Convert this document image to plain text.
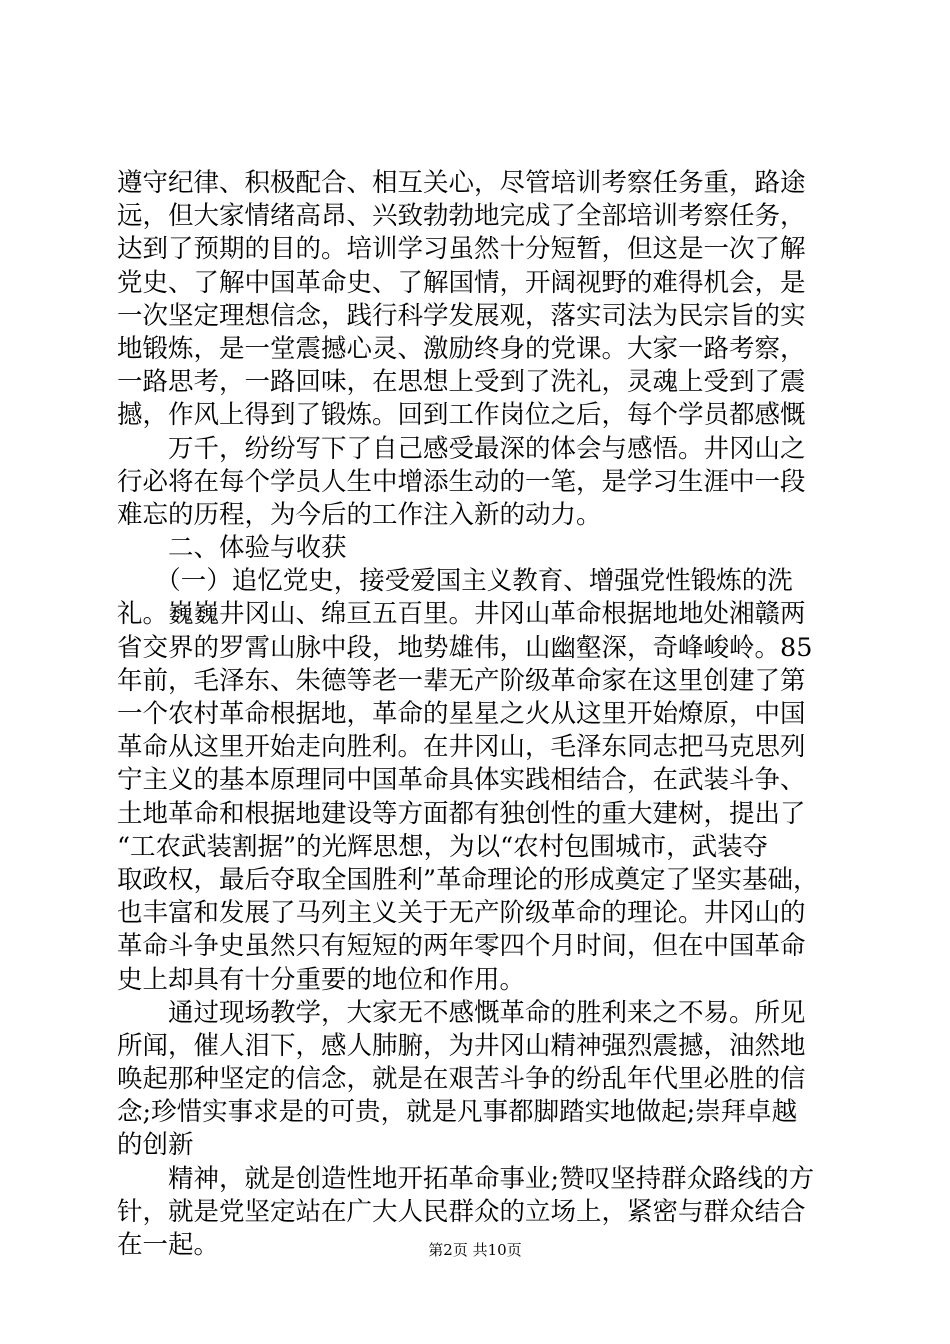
遵守纪律、积极配合、相互关心，尽管培训考察任务重，路途
远，但大家情绪高昂、兴致勃勃地完成了全部培训考察任务，
达到了预期的目的。培训学习虽然十分短暂，但这是一次了解
党史、了解中国革命史、了解国情，开阔视野的难得机会，是
一次坚定理想信念，践行科学发展观，落实司法为民宗旨的实
地锻炼，是一堂震撼心灵、激励终身的党课。大家一路考察，
一路思考，一路回味，在思想上受到了洗礼，灵魂上受到了震
撼，作风上得到了锻炼。回到工作岗位之后，每个学员都感慨
　　万千，纷纷写下了自己感受最深的体会与感悟。井冈山之
行必将在每个学员人生中增添生动的一笔，是学习生涯中一段
难忘的历程，为今后的工作注入新的动力。
　　二、体验与收获
　　（一）追忆党史，接受爱国主义教育、增强党性锻炼的洗
礼。巍巍井冈山、绵亘五百里。井冈山革命根据地地处湘赣两
省交界的罗霄山脉中段，地势雄伟，山幽壑深，奇峰峻岭。85
年前，毛泽东、朱德等老一辈无产阶级革命家在这里创建了第
一个农村革命根据地，革命的星星之火从这里开始燎原，中国
革命从这里开始走向胜利。在井冈山，毛泽东同志把马克思列
宁主义的基本原理同中国革命具体实践相结合，在武装斗争、
土地革命和根据地建设等方面都有独创性的重大建树，提出了
“工农武装割据”的光辉思想，为以“农村包围城市，武装夺
取政权，最后夺取全国胜利”革命理论的形成奠定了坚实基础，
也丰富和发展了马列主义关于无产阶级革命的理论。井冈山的
革命斗争史虽然只有短短的两年零四个月时间，但在中国革命
史上却具有十分重要的地位和作用。
　　通过现场教学，大家无不感慨革命的胜利来之不易。所见
所闻，催人泪下，感人肺腑，为井冈山精神强烈震撼，油然地
唤起那种坚定的信念，就是在艰苦斗争的纷乱年代里必胜的信
念;珍惜实事求是的可贵，就是凡事都脚踏实地做起;崇拜卓越
的创新
　　精神，就是创造性地开拓革命事业;赞叹坚持群众路线的方
针，就是党坚定站在广大人民群众的立场上，紧密与群众结合
在一起。	第2页 共10页
